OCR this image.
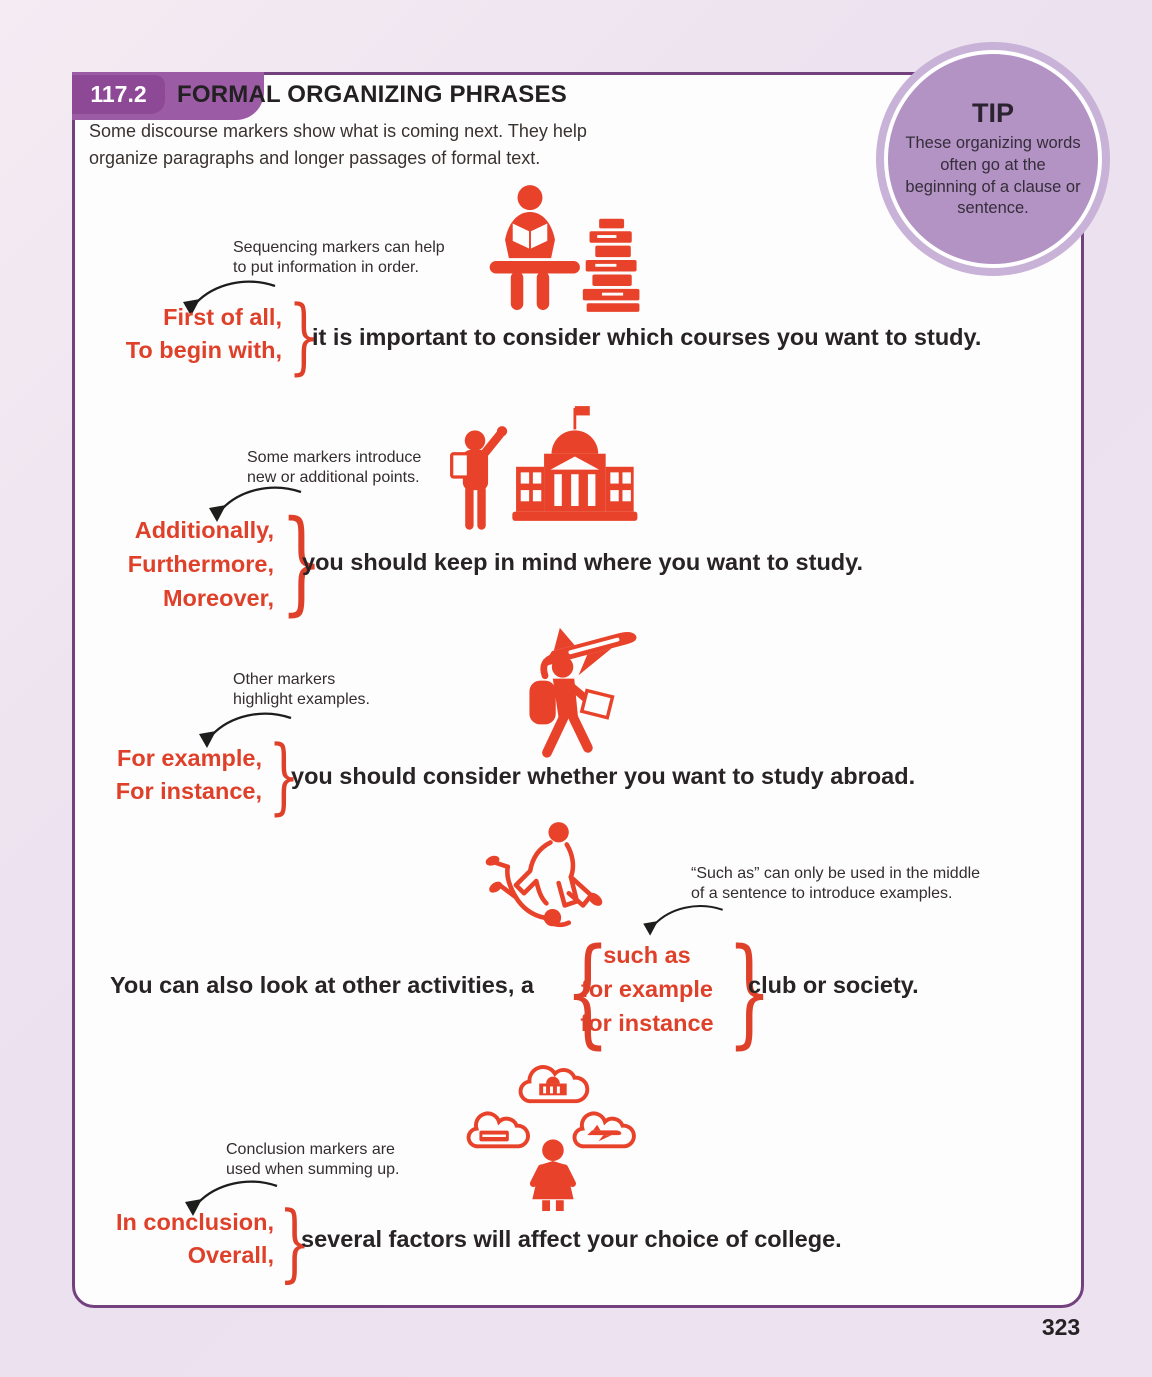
117.2	FORMAL ORGANIZING PHRASES
Some discourse markers show what is coming next. They help organize paragraphs and longer passages of formal text.
TIP
These organizing words often go at the beginning of a clause or sentence.
Sequencing markers can help
to put information in order.
First of all,
To begin with, }
it is important to consider which courses you want to study.
Some markers introduce
new or additional points.
Additionally,
Furthermore,
Moreover, }
you should keep in mind where you want to study.
Other markers
highlight examples.
For example,
For instance, }
you should consider whether you want to study abroad.
“Such as” can only be used in the middle
of a sentence to introduce examples.
You can also look at other activities, a {
such as
for example
for instance }
club or society.
Conclusion markers are
used when summing up.
In conclusion,
Overall, }
several factors will affect your choice of college.
323
